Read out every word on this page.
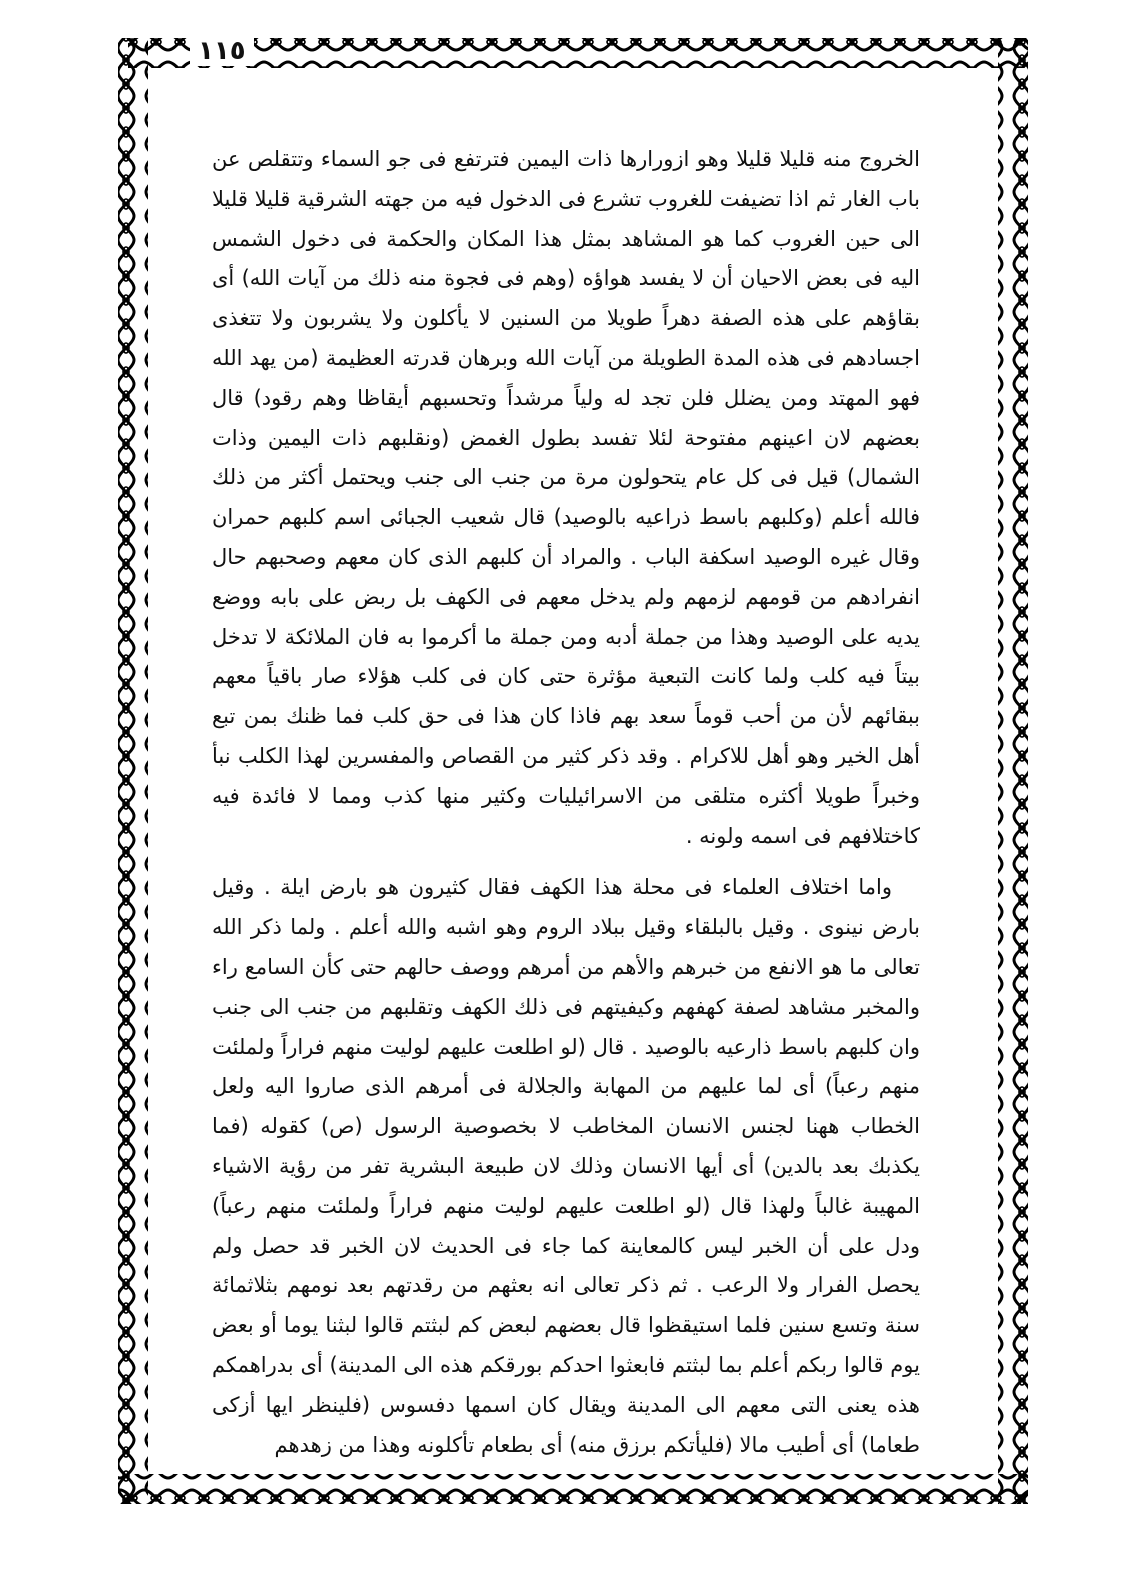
١١٥

الخروج منه قليلا قليلا وهو ازورارها ذات اليمين فترتفع فى جو السماء وتتقلص عن باب الغار ثم اذا تضيفت للغروب تشرع فى الدخول فيه من جهته الشرقية قليلا قليلا الى حين الغروب كما هو المشاهد بمثل هذا المكان والحكمة فى دخول الشمس اليه فى بعض الاحيان أن لا يفسد هواؤه (وهم فى فجوة منه ذلك من آيات الله) أى بقاؤهم على هذه الصفة دهراً طويلا من السنين لا يأكلون ولا يشربون ولا تتغذى اجسادهم فى هذه المدة الطويلة من آيات الله وبرهان قدرته العظيمة (من يهد الله فهو المهتد ومن يضلل فلن تجد له ولياً مرشداً وتحسبهم أيقاظا وهم رقود) قال بعضهم لان اعينهم مفتوحة لئلا تفسد بطول الغمض (ونقلبهم ذات اليمين وذات الشمال) قيل فى كل عام يتحولون مرة من جنب الى جنب ويحتمل أكثر من ذلك فالله أعلم (وكلبهم باسط ذراعيه بالوصيد) قال شعيب الجبائى اسم كلبهم حمران وقال غيره الوصيد اسكفة الباب . والمراد أن كلبهم الذى كان معهم وصحبهم حال انفرادهم من قومهم لزمهم ولم يدخل معهم فى الكهف بل ربض على بابه ووضع يديه على الوصيد وهذا من جملة أدبه ومن جملة ما أكرموا به فان الملائكة لا تدخل بيتاً فيه كلب ولما كانت التبعية مؤثرة حتى كان فى كلب هؤلاء صار باقياً معهم ببقائهم لأن من أحب قوماً سعد بهم فاذا كان هذا فى حق كلب فما ظنك بمن تبع أهل الخير وهو أهل للاكرام . وقد ذكر كثير من القصاص والمفسرين لهذا الكلب نبأ وخبراً طويلا أكثره متلقى من الاسرائيليات وكثير منها كذب ومما لا فائدة فيه كاختلافهم فى اسمه ولونه .

واما اختلاف العلماء فى محلة هذا الكهف فقال كثيرون هو بارض ايلة . وقيل بارض نينوى . وقيل بالبلقاء وقيل ببلاد الروم وهو اشبه والله أعلم . ولما ذكر الله تعالى ما هو الانفع من خبرهم والأهم من أمرهم ووصف حالهم حتى كأن السامع راء والمخبر مشاهد لصفة كهفهم وكيفيتهم فى ذلك الكهف وتقلبهم من جنب الى جنب وان كلبهم باسط ذارعيه بالوصيد . قال (لو اطلعت عليهم لوليت منهم فراراً ولملئت منهم رعباً) أى لما عليهم من المهابة والجلالة فى أمرهم الذى صاروا اليه ولعل الخطاب ههنا لجنس الانسان المخاطب لا بخصوصية الرسول (ص) كقوله (فما يكذبك بعد بالدين) أى أيها الانسان وذلك لان طبيعة البشرية تفر من رؤية الاشياء المهيبة غالباً ولهذا قال (لو اطلعت عليهم لوليت منهم فراراً ولملئت منهم رعباً) ودل على أن الخبر ليس كالمعاينة كما جاء فى الحديث لان الخبر قد حصل ولم يحصل الفرار ولا الرعب . ثم ذكر تعالى انه بعثهم من رقدتهم بعد نومهم بثلاثمائة سنة وتسع سنين فلما استيقظوا قال بعضهم لبعض كم لبثتم قالوا لبثنا يوما أو بعض يوم قالوا ربكم أعلم بما لبثتم فابعثوا احدكم بورقكم هذه الى المدينة) أى بدراهمكم هذه يعنى التى معهم الى المدينة ويقال كان اسمها دفسوس (فلينظر ايها أزكى طعاما) أى أطيب مالا (فليأتكم برزق منه) أى بطعام تأكلونه وهذا من زهدهم
